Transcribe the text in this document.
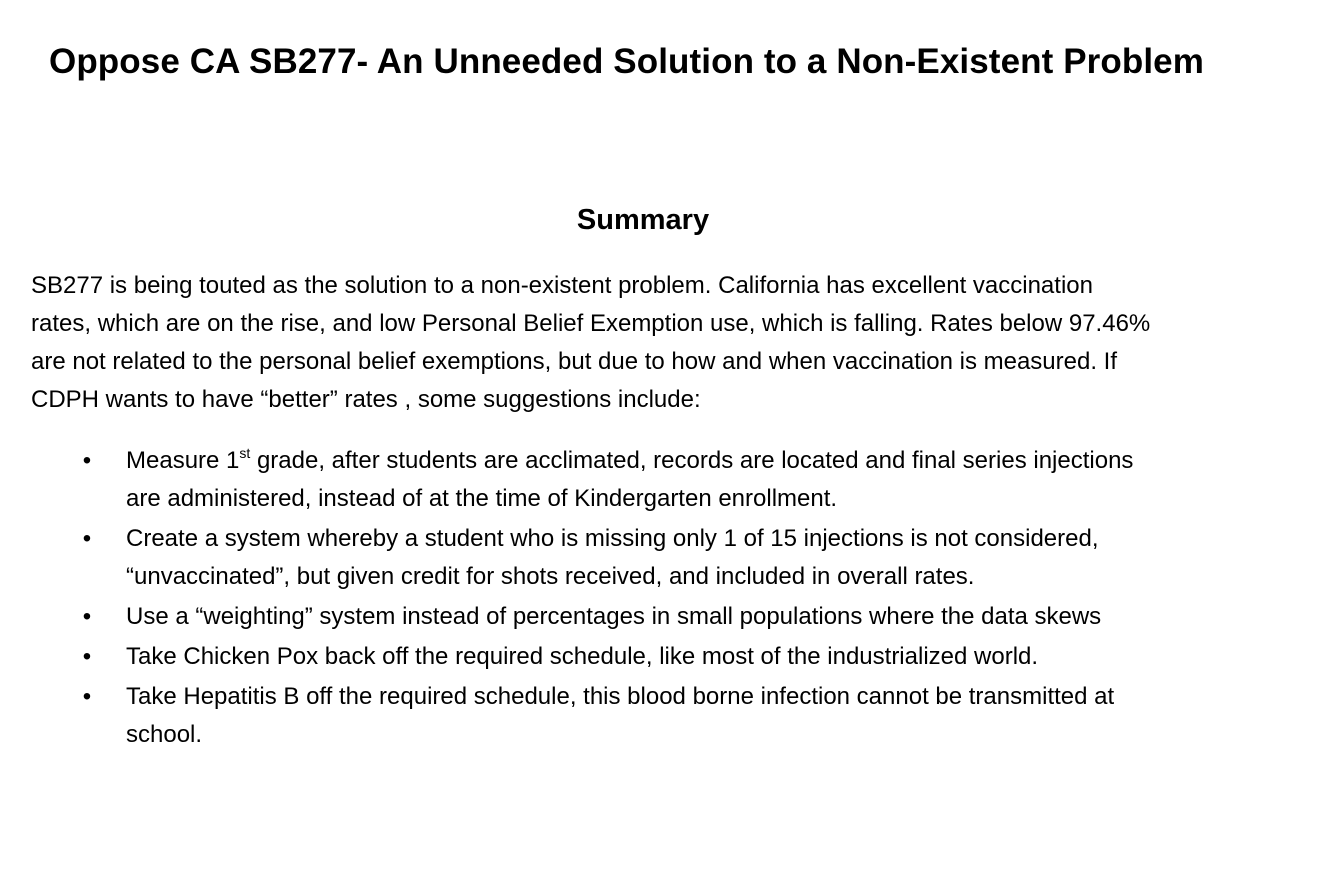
Oppose CA SB277- An Unneeded Solution to a Non-Existent Problem
Summary

SB277 is being touted as the solution to a non-existent problem. California has excellent vaccination
rates, which are on the rise, and low Personal Belief Exemption use, which is falling. Rates below 97.46%
are not related to the personal belief exemptions, but due to how and when vaccination is measured. If
CDPH wants to have “better” rates , some suggestions include:

• Measure 1st grade, after students are acclimated, records are located and final series injections
are administered, instead of at the time of Kindergarten enrollment.
• Create a system whereby a student who is missing only 1 of 15 injections is not considered,
“unvaccinated”, but given credit for shots received, and included in overall rates.
• Use a “weighting” system instead of percentages in small populations where the data skews
• Take Chicken Pox back off the required schedule, like most of the industrialized world.
• Take Hepatitis B off the required schedule, this blood borne infection cannot be transmitted at
school.
